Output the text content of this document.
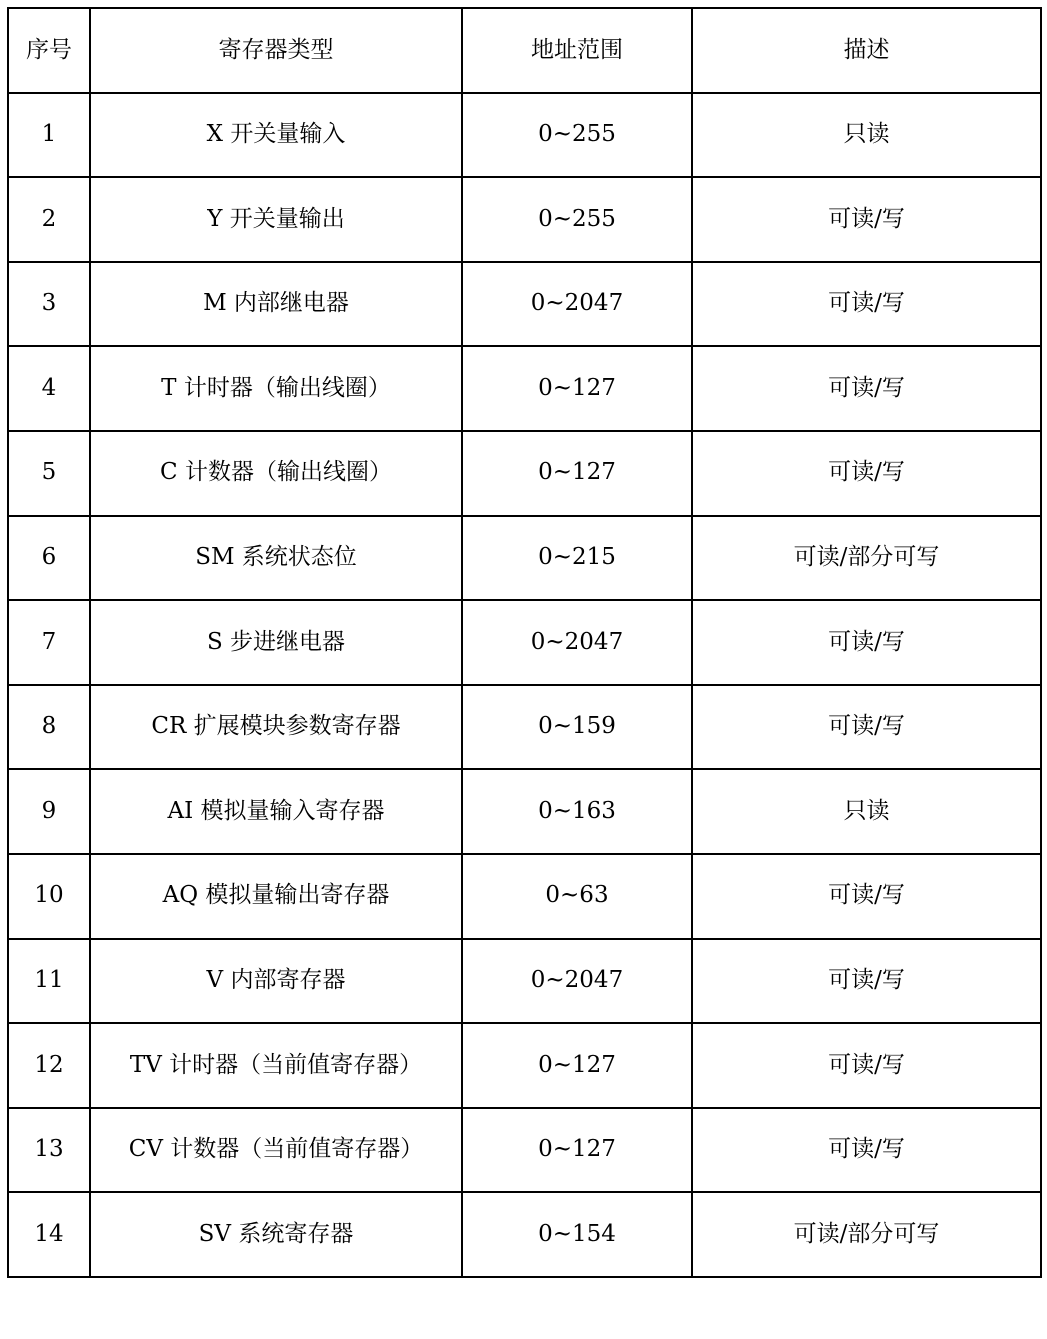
序号	寄存器类型	地址范围	描述
1	X 开关量输入	0~255	只读
2	Y 开关量输出	0~255	可读/写
3	M 内部继电器	0~2047	可读/写
4	T 计时器（输出线圈）	0~127	可读/写
5	C 计数器（输出线圈）	0~127	可读/写
6	SM 系统状态位	0~215	可读/部分可写
7	S 步进继电器	0~2047	可读/写
8	CR 扩展模块参数寄存器	0~159	可读/写
9	AI 模拟量输入寄存器	0~163	只读
10	AQ 模拟量输出寄存器	0~63	可读/写
11	V 内部寄存器	0~2047	可读/写
12	TV 计时器（当前值寄存器）	0~127	可读/写
13	CV 计数器（当前值寄存器）	0~127	可读/写
14	SV 系统寄存器	0~154	可读/部分可写
